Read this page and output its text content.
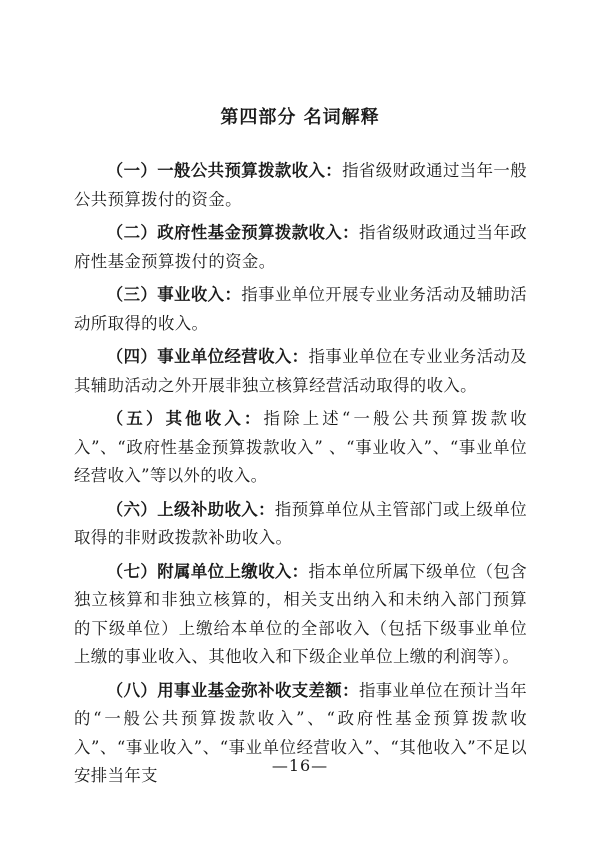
第四部分 名词解释

（一）一般公共预算拨款收入：指省级财政通过当年一般公共预算拨付的资金。

（二）政府性基金预算拨款收入：指省级财政通过当年政府性基金预算拨付的资金。

（三）事业收入：指事业单位开展专业业务活动及辅助活动所取得的收入。

（四）事业单位经营收入：指事业单位在专业业务活动及其辅助活动之外开展非独立核算经营活动取得的收入。

（五）其他收入：指除上述“一般公共预算拨款收入”、“政府性基金预算拨款收入” 、“事业收入”、“事业单位经营收入”等以外的收入。

（六）上级补助收入：指预算单位从主管部门或上级单位取得的非财政拨款补助收入。

（七）附属单位上缴收入：指本单位所属下级单位（包含独立核算和非独立核算的，相关支出纳入和未纳入部门预算的下级单位）上缴给本单位的全部收入（包括下级事业单位上缴的事业收入、其他收入和下级企业单位上缴的利润等）。

（八）用事业基金弥补收支差额：指事业单位在预计当年的“一般公共预算拨款收入”、“政府性基金预算拨款收入”、“事业收入”、“事业单位经营收入”、“其他收入”不足以安排当年支

—16—
